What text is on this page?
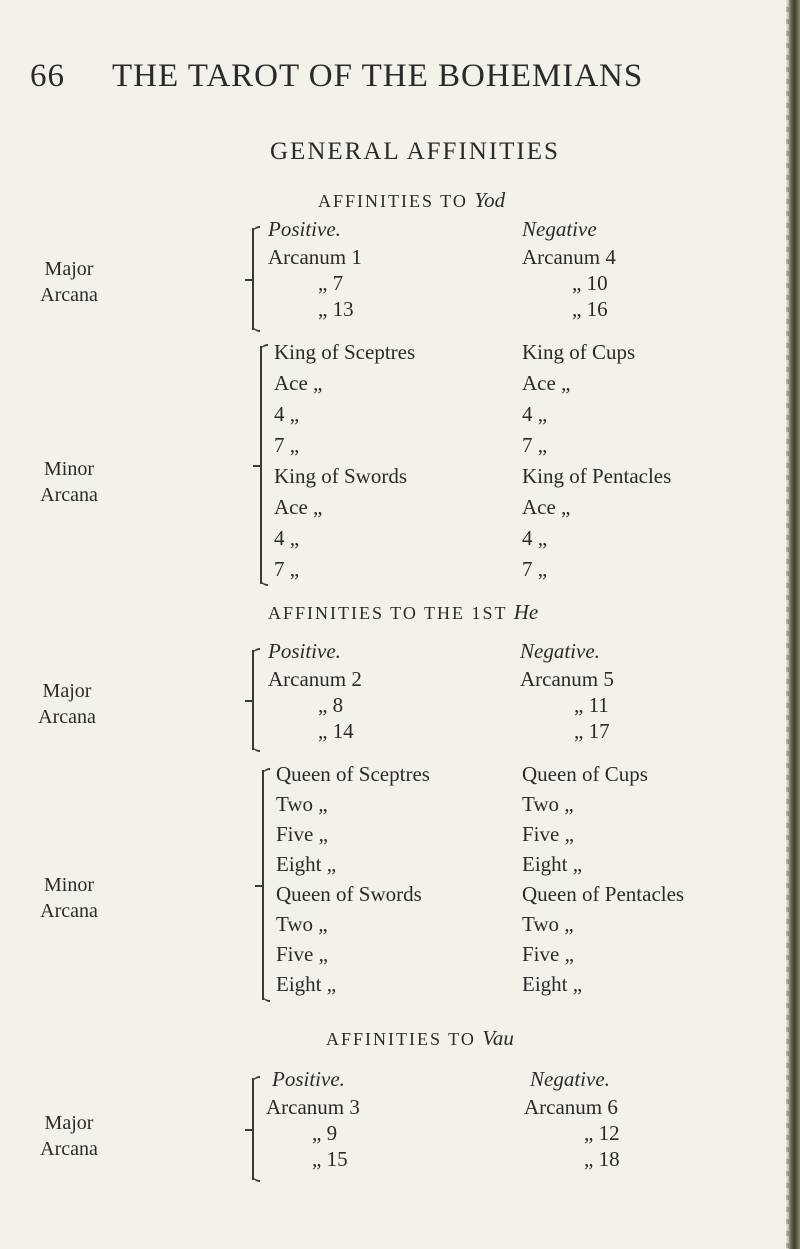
66 THE TAROT OF THE BOHEMIANS
GENERAL AFFINITIES
AFFINITIES TO Yod
Major
Arcana
Positive.
Arcanum 1
„ 7
„ 13
Negative
Arcanum 4
„ 10
„ 16
Minor
Arcana
King of Sceptres
Ace „
4 „
7 „
King of Swords
Ace „
4 „
7 „
King of Cups
Ace „
4 „
7 „
King of Pentacles
Ace „
4 „
7 „
AFFINITIES TO THE 1ST He
Major
Arcana
Positive.
Arcanum 2
„ 8
„ 14
Negative.
Arcanum 5
„ 11
„ 17
Minor
Arcana
Queen of Sceptres
Two „
Five „
Eight „
Queen of Swords
Two „
Five „
Eight „
Queen of Cups
Two „
Five „
Eight „
Queen of Pentacles
Two „
Five „
Eight „
AFFINITIES TO Vau
Major
Arcana
Positive.
Arcanum 3
„ 9
„ 15
Negative.
Arcanum 6
„ 12
„ 18
